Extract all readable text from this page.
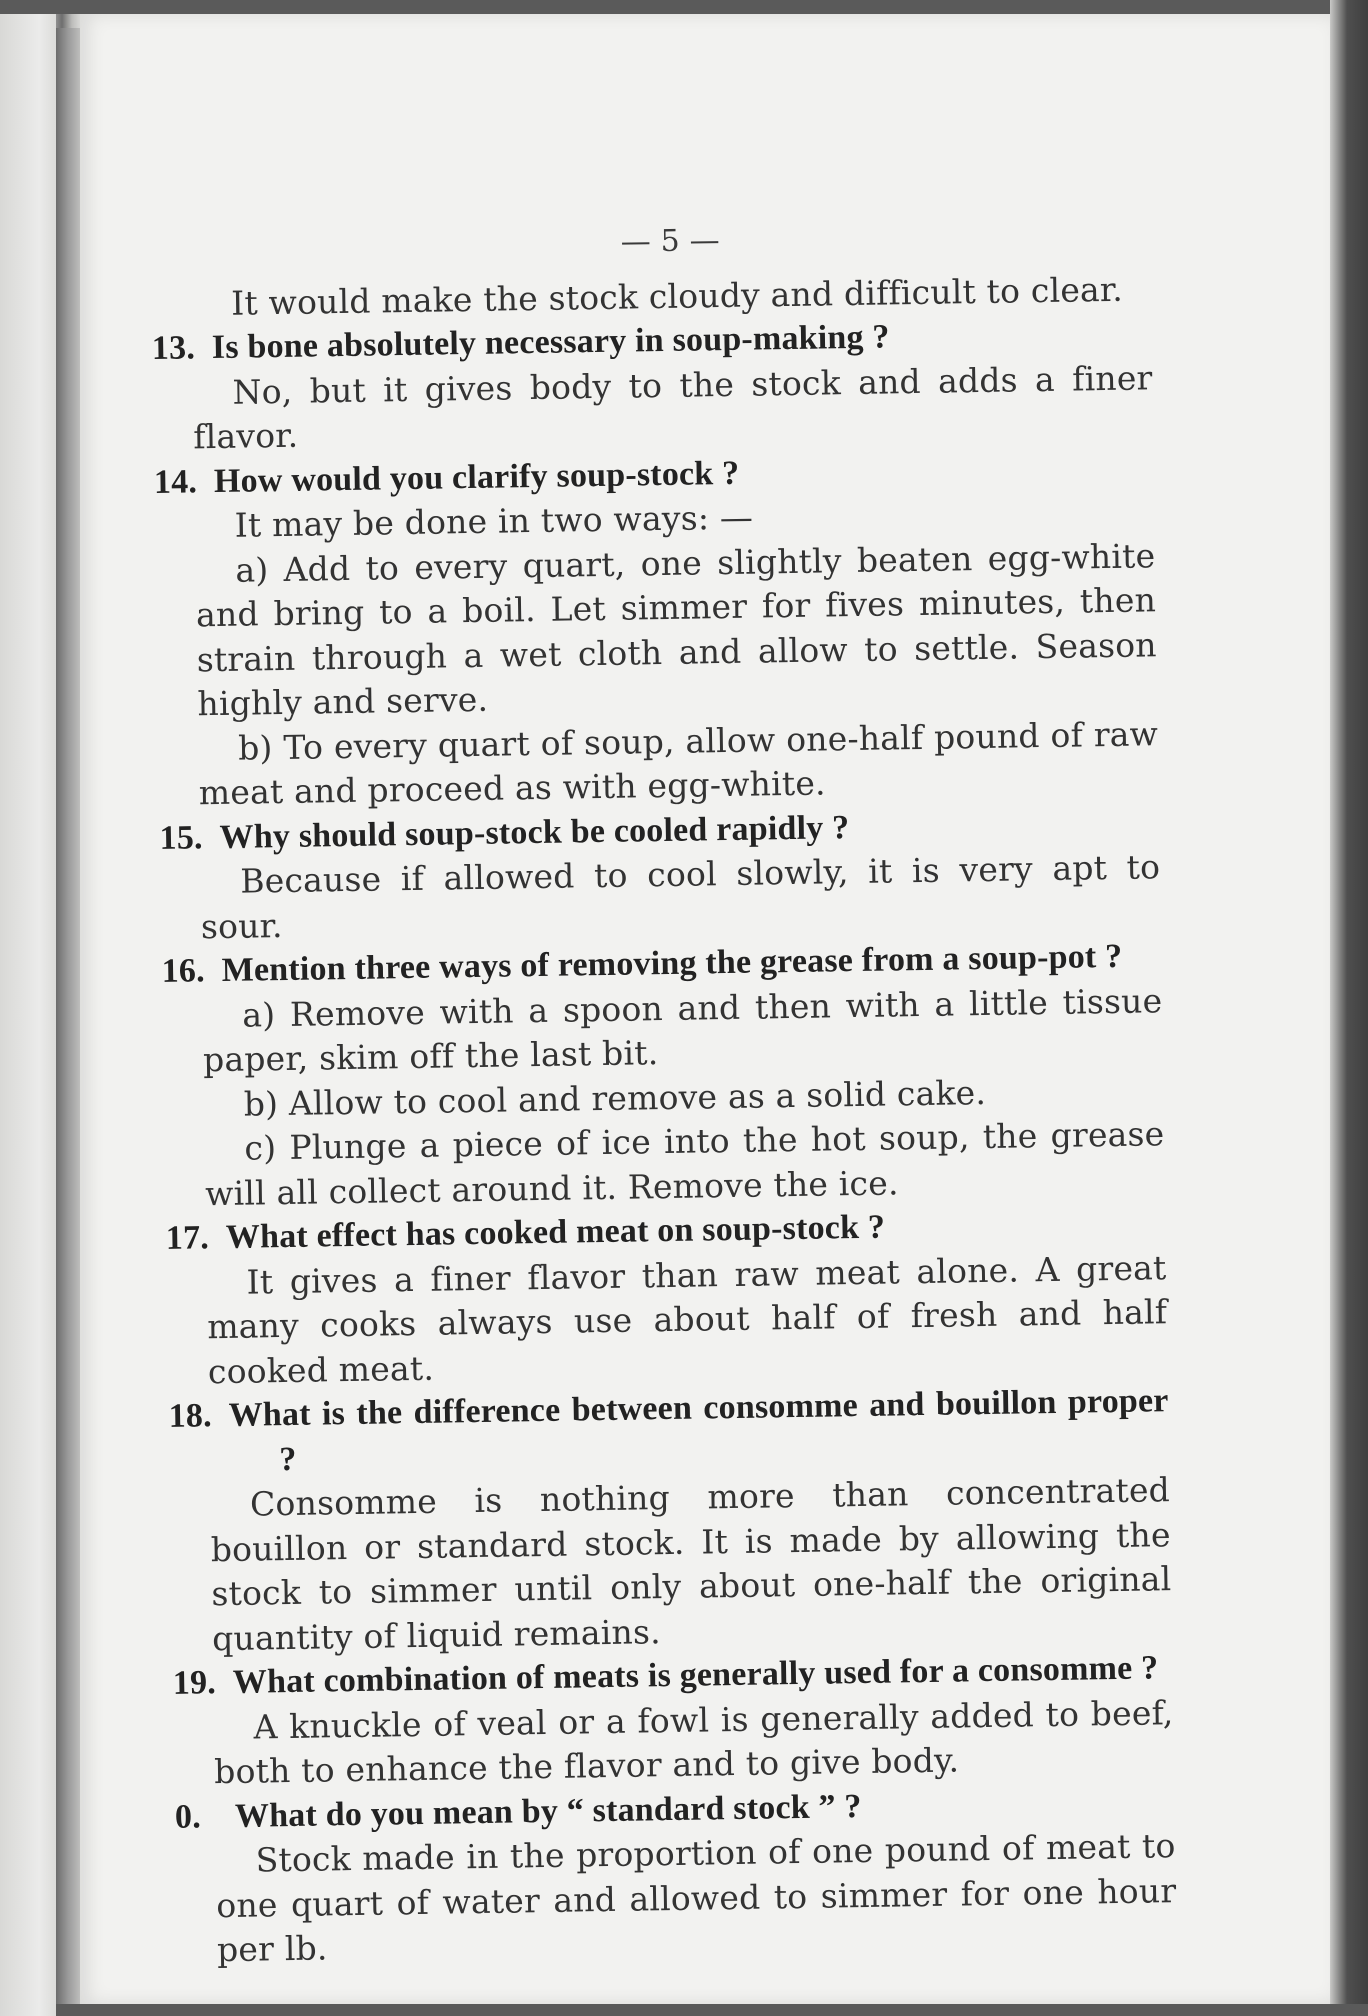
— 5 —

It would make the stock cloudy and difficult to clear.

13. Is bone absolutely necessary in soup-making ?

No, but it gives body to the stock and adds a finer flavor.

14. How would you clarify soup-stock ?

It may be done in two ways: —

a) Add to every quart, one slightly beaten egg-white and bring to a boil. Let simmer for fives minutes, then strain through a wet cloth and allow to settle. Season highly and serve.

b) To every quart of soup, allow one-half pound of raw meat and proceed as with egg-white.

15. Why should soup-stock be cooled rapidly ?

Because if allowed to cool slowly, it is very apt to sour.

16. Mention three ways of removing the grease from a soup-pot ?

a) Remove with a spoon and then with a little tissue paper, skim off the last bit.

b) Allow to cool and remove as a solid cake.

c) Plunge a piece of ice into the hot soup, the grease will all collect around it. Remove the ice.

17. What effect has cooked meat on soup-stock ?

It gives a finer flavor than raw meat alone. A great many cooks always use about half of fresh and half cooked meat.

18. What is the difference between consomme and bouillon proper ?

Consomme is nothing more than concentrated bouillon or standard stock. It is made by allowing the stock to simmer until only about one-half the original quantity of liquid remains.

19. What combination of meats is generally used for a consomme ?

A knuckle of veal or a fowl is generally added to beef, both to enhance the flavor and to give body.

0. What do you mean by “ standard stock ” ?

Stock made in the proportion of one pound of meat to one quart of water and allowed to simmer for one hour per lb.
